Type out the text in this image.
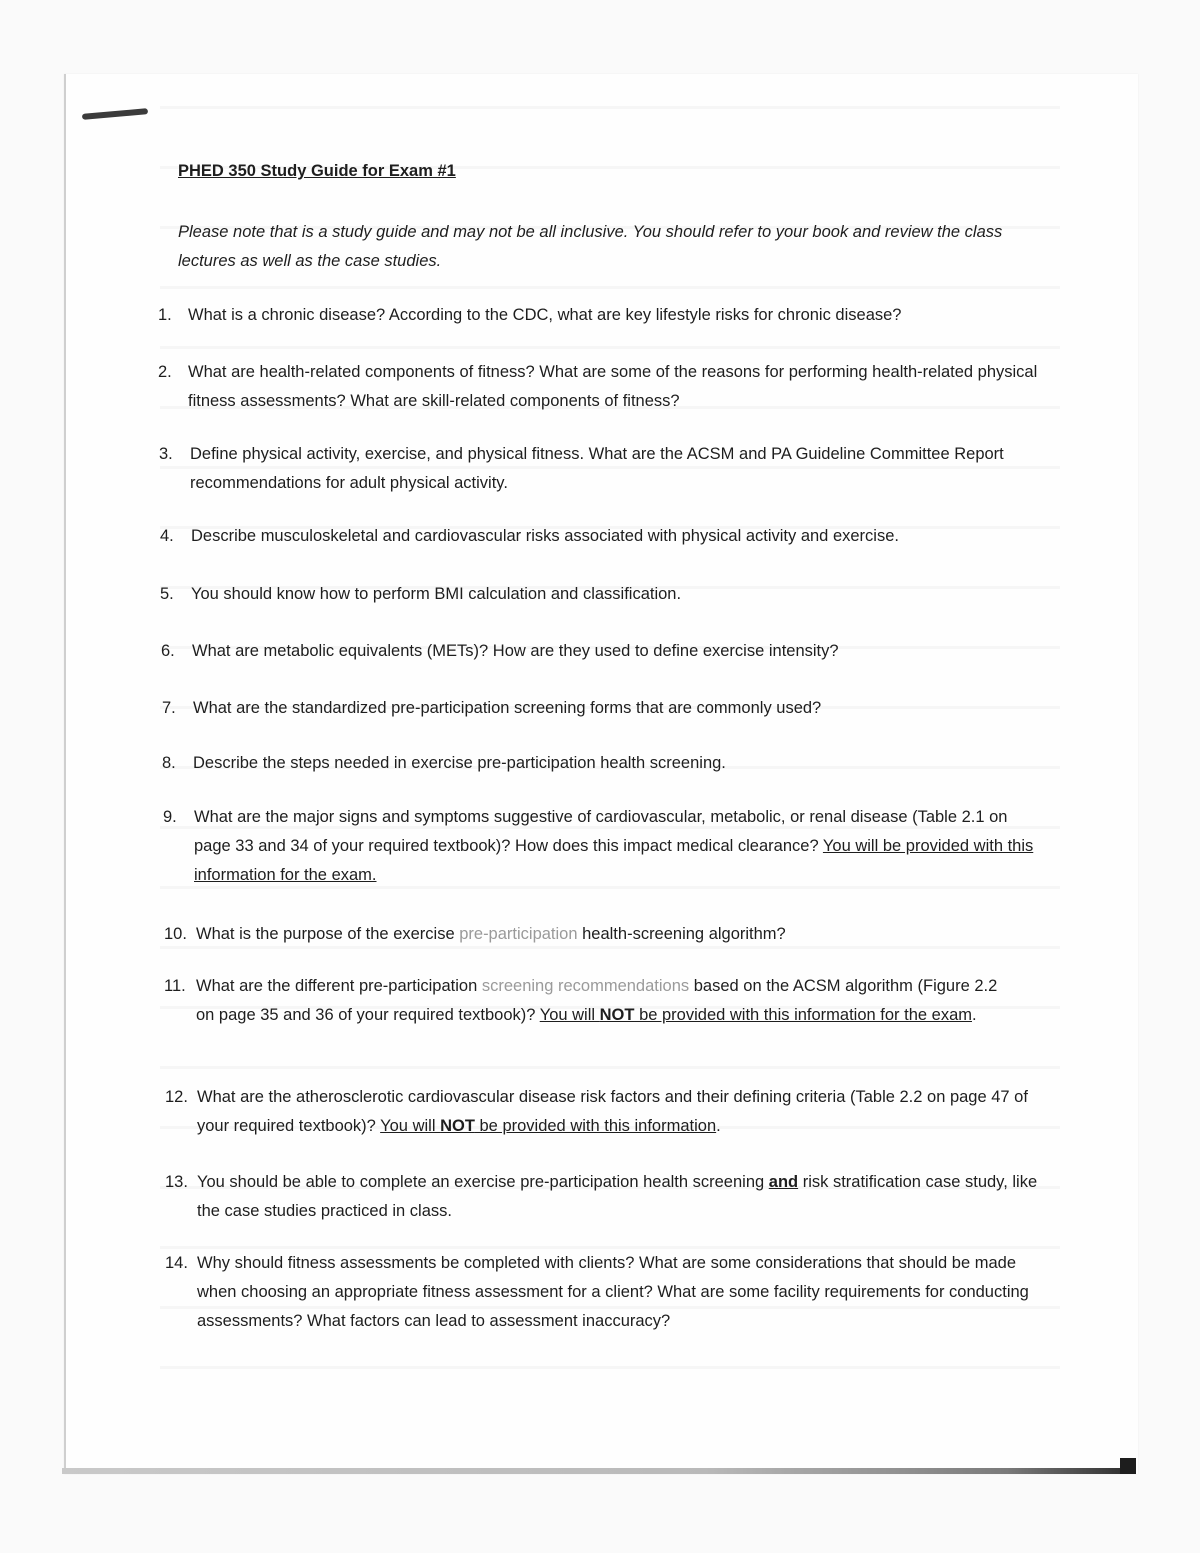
PHED 350 Study Guide for Exam #1

Please note that is a study guide and may not be all inclusive. You should refer to your book and review the class lectures as well as the case studies.

1. What is a chronic disease? According to the CDC, what are key lifestyle risks for chronic disease?
2. What are health-related components of fitness? What are some of the reasons for performing health-related physical fitness assessments? What are skill-related components of fitness?
3.	Define physical activity, exercise, and physical fitness. What are the ACSM and PA Guideline Committee Report recommendations for adult physical activity.
4.	Describe musculoskeletal and cardiovascular risks associated with physical activity and exercise.
5.	You should know how to perform BMI calculation and classification.
6.	What are metabolic equivalents (METs)? How are they used to define exercise intensity?
7.	What are the standardized pre-participation screening forms that are commonly used?
8.	Describe the steps needed in exercise pre-participation health screening.
9.	What are the major signs and symptoms suggestive of cardiovascular, metabolic, or renal disease (Table 2.1 on page 33 and 34 of your required textbook)? How does this impact medical clearance? You will be provided with this information for the exam.
10. What is the purpose of the exercise pre-participation health-screening algorithm?
11. What are the different pre-participation screening recommendations based on the ACSM algorithm (Figure 2.2 on page 35 and 36 of your required textbook)? You will NOT be provided with this information for the exam.
12. What are the atherosclerotic cardiovascular disease risk factors and their defining criteria (Table 2.2 on page 47 of your required textbook)? You will NOT be provided with this information.
13. You should be able to complete an exercise pre-participation health screening and risk stratification case study, like the case studies practiced in class.
14. Why should fitness assessments be completed with clients? What are some considerations that should be made when choosing an appropriate fitness assessment for a client? What are some facility requirements for conducting assessments? What factors can lead to assessment inaccuracy?
